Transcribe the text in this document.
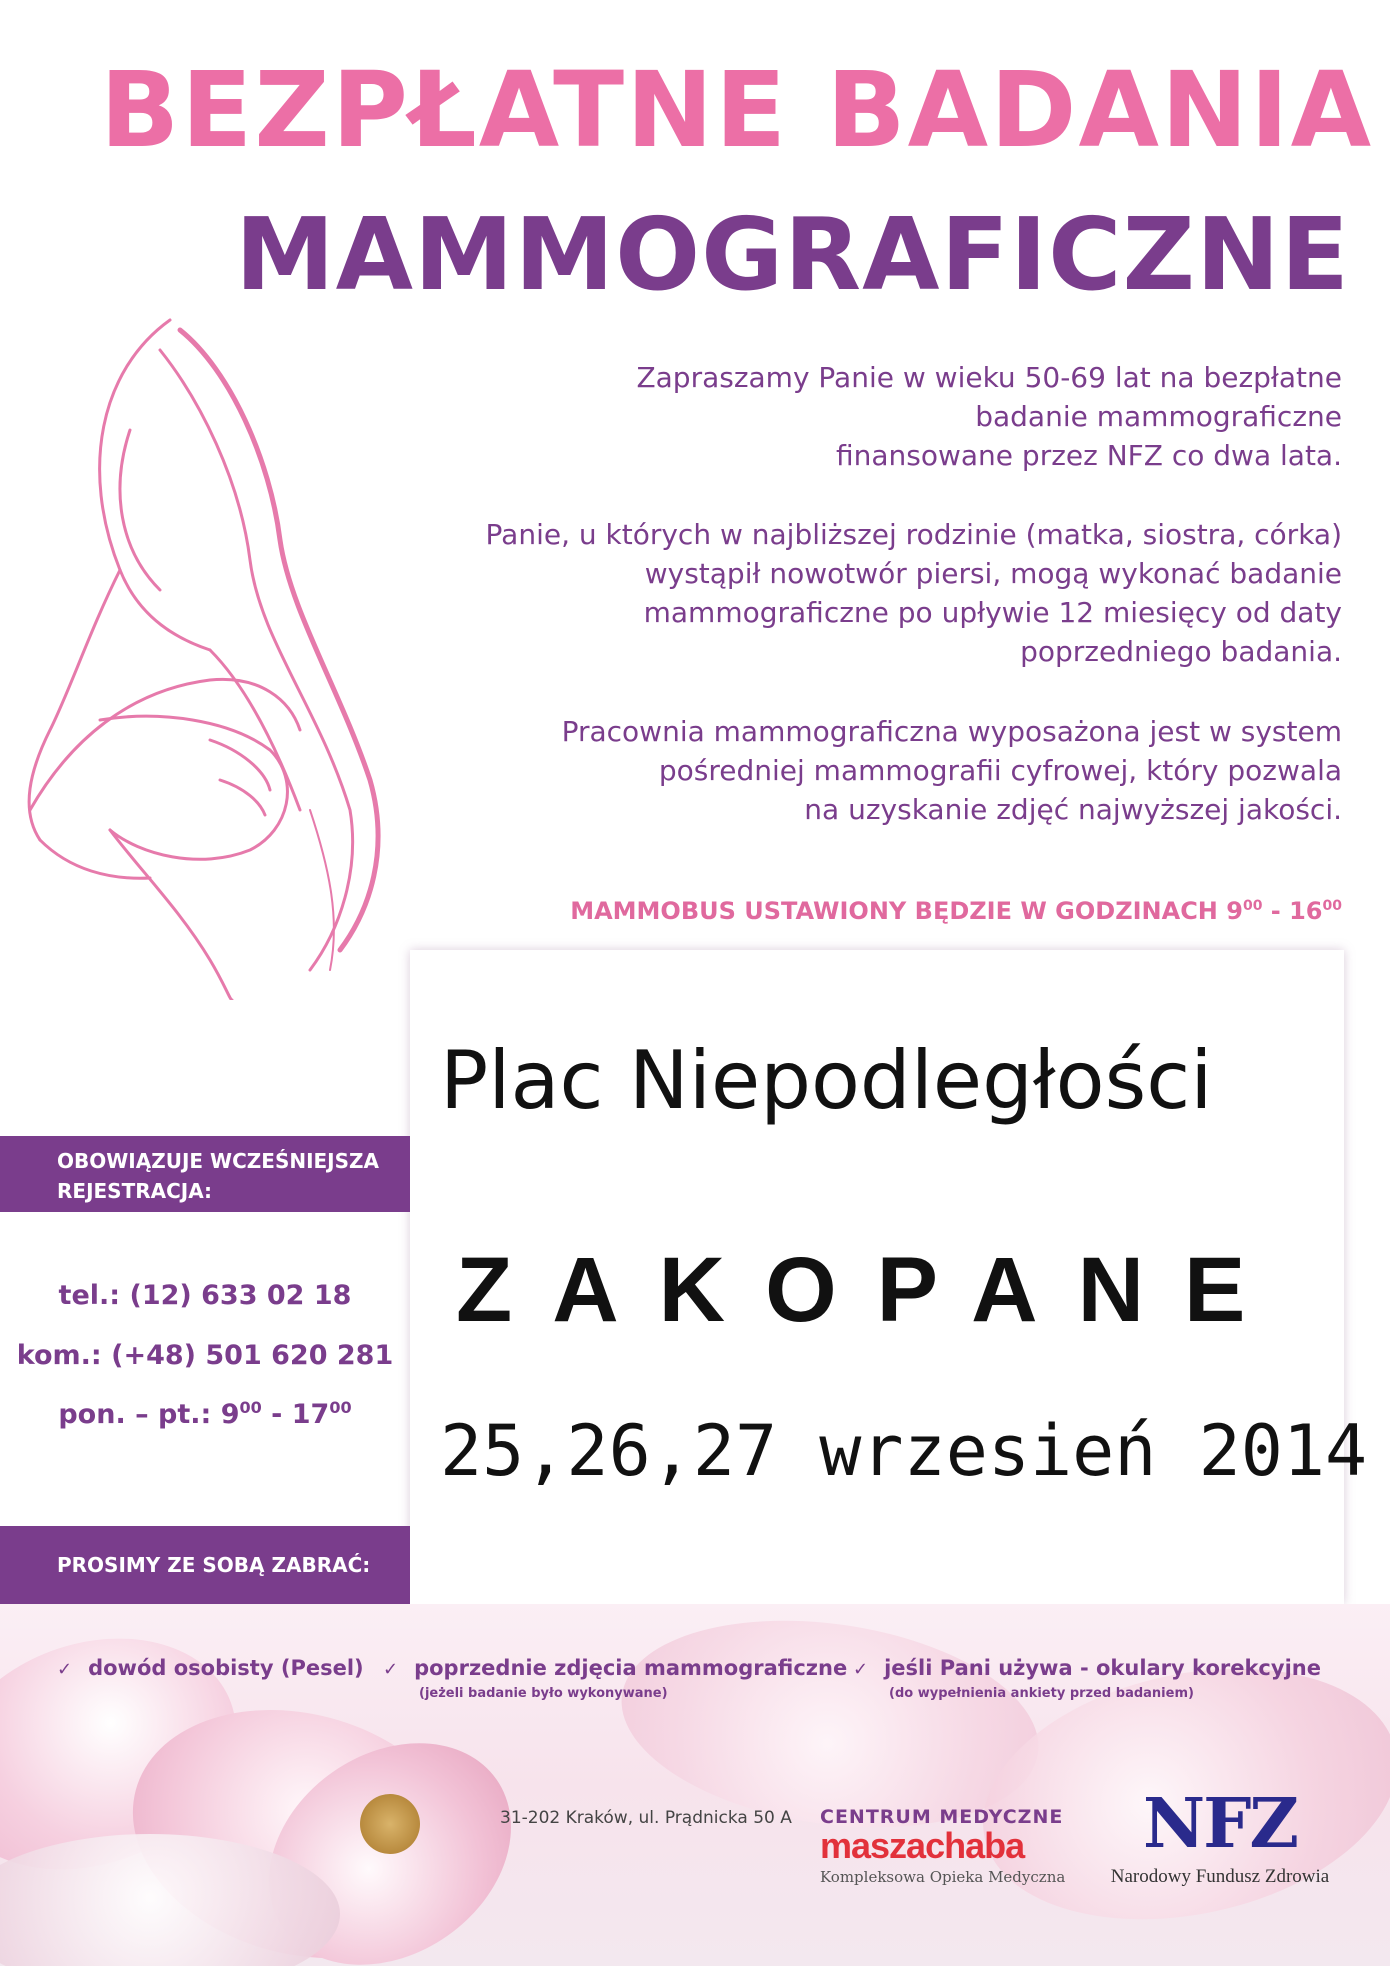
BEZPŁATNE BADANIA
MAMMOGRAFICZNE
Zapraszamy Panie w wieku 50-69 lat na bezpłatne
badanie mammograficzne
finansowane przez NFZ co dwa lata.
Panie, u których w najbliższej rodzinie (matka, siostra, córka)
wystąpił nowotwór piersi, mogą wykonać badanie
mammograficzne po upływie 12 miesięcy od daty
poprzedniego badania.
Pracownia mammograficzna wyposażona jest w system
pośredniej mammografii cyfrowej, który pozwala
na uzyskanie zdjęć najwyższej jakości.
MAMMOBUS USTAWIONY BĘDZIE W GODZINACH $9^{00} - 16^{00}$
Plac Niepodległości
ZAKOPANE
25,26,27 wrzesień 2014
OBOWIĄZUJE WCZEŚNIEJSZA
REJESTRACJA:
tel.: (12) 633 02 18
kom.: (+48) 501 620 281
pon. – pt.: $9^{00} - 17^{00}$
PROSIMY ZE SOBĄ ZABRAĆ:
✓ dowód osobisty (Pesel) ✓ poprzednie zdjęcia mammograficzne
(jeżeli badanie było wykonywane)
✓ jeśli Pani używa - okulary korekcyjne
(do wypełnienia ankiety przed badaniem)
31-202 Kraków, ul. Prądnicka 50 A CENTRUM MEDYCZNE
maszachaba
Kompleksowa Opieka Medyczna
NFZ
Narodowy Fundusz Zdrowia
